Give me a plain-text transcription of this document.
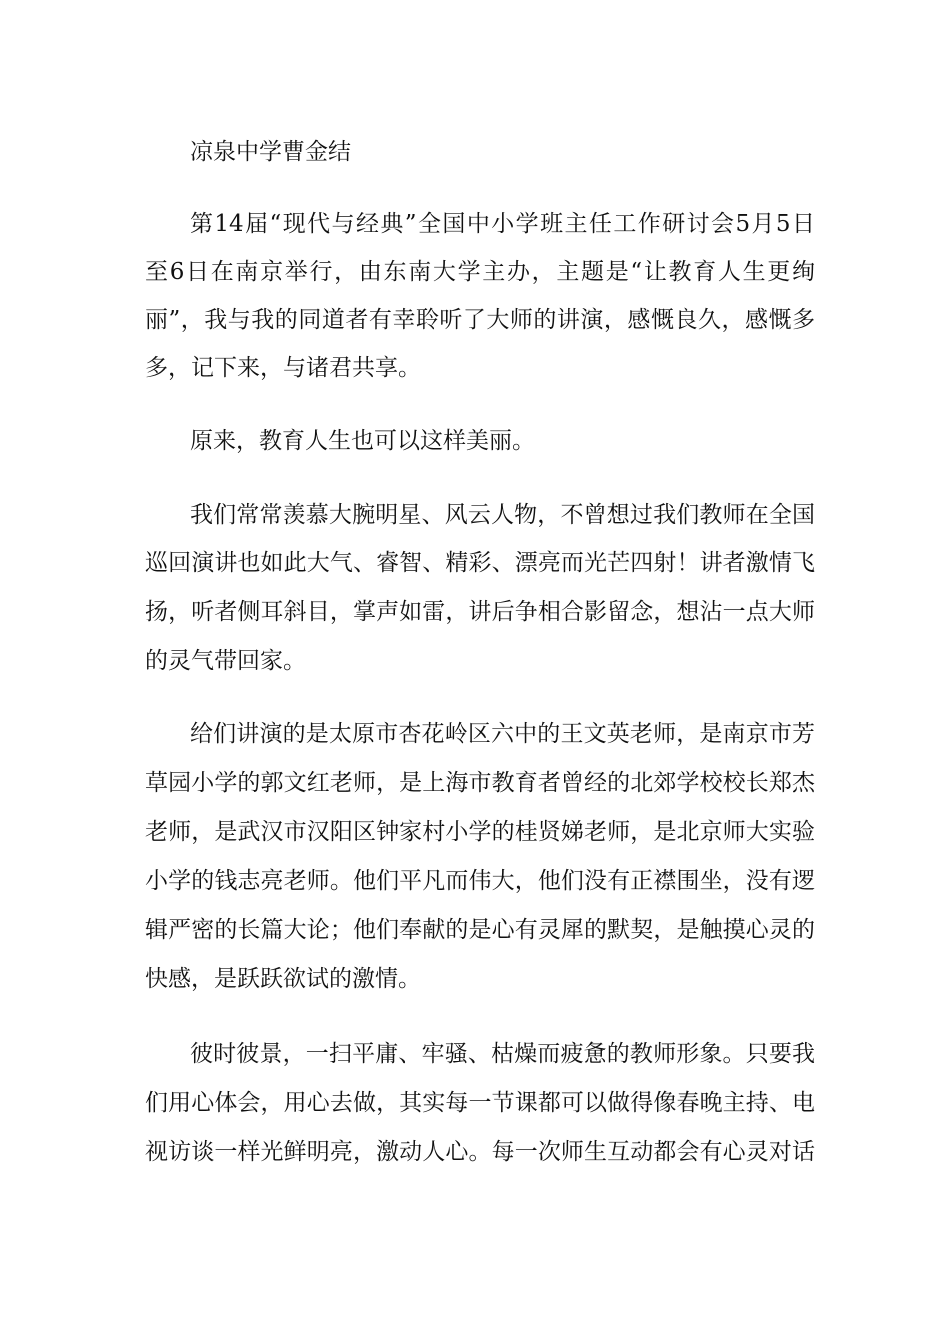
凉泉中学曹金结

第14届“现代与经典”全国中小学班主任工作研讨会5月5日

至6日在南京举行，由东南大学主办，主题是“让教育人生更绚

丽”，我与我的同道者有幸聆听了大师的讲演，感慨良久，感慨多

多，记下来，与诸君共享。

原来，教育人生也可以这样美丽。

我们常常羡慕大腕明星、风云人物，不曾想过我们教师在全国

巡回演讲也如此大气、睿智、精彩、漂亮而光芒四射！讲者激情飞

扬，听者侧耳斜目，掌声如雷，讲后争相合影留念，想沾一点大师

的灵气带回家。

给们讲演的是太原市杏花岭区六中的王文英老师，是南京市芳

草园小学的郭文红老师，是上海市教育者曾经的北郊学校校长郑杰

老师，是武汉市汉阳区钟家村小学的桂贤娣老师，是北京师大实验

小学的钱志亮老师。他们平凡而伟大，他们没有正襟围坐，没有逻

辑严密的长篇大论；他们奉献的是心有灵犀的默契，是触摸心灵的

快感，是跃跃欲试的激情。

彼时彼景，一扫平庸、牢骚、枯燥而疲惫的教师形象。只要我

们用心体会，用心去做，其实每一节课都可以做得像春晚主持、电

视访谈一样光鲜明亮，激动人心。每一次师生互动都会有心灵对话
